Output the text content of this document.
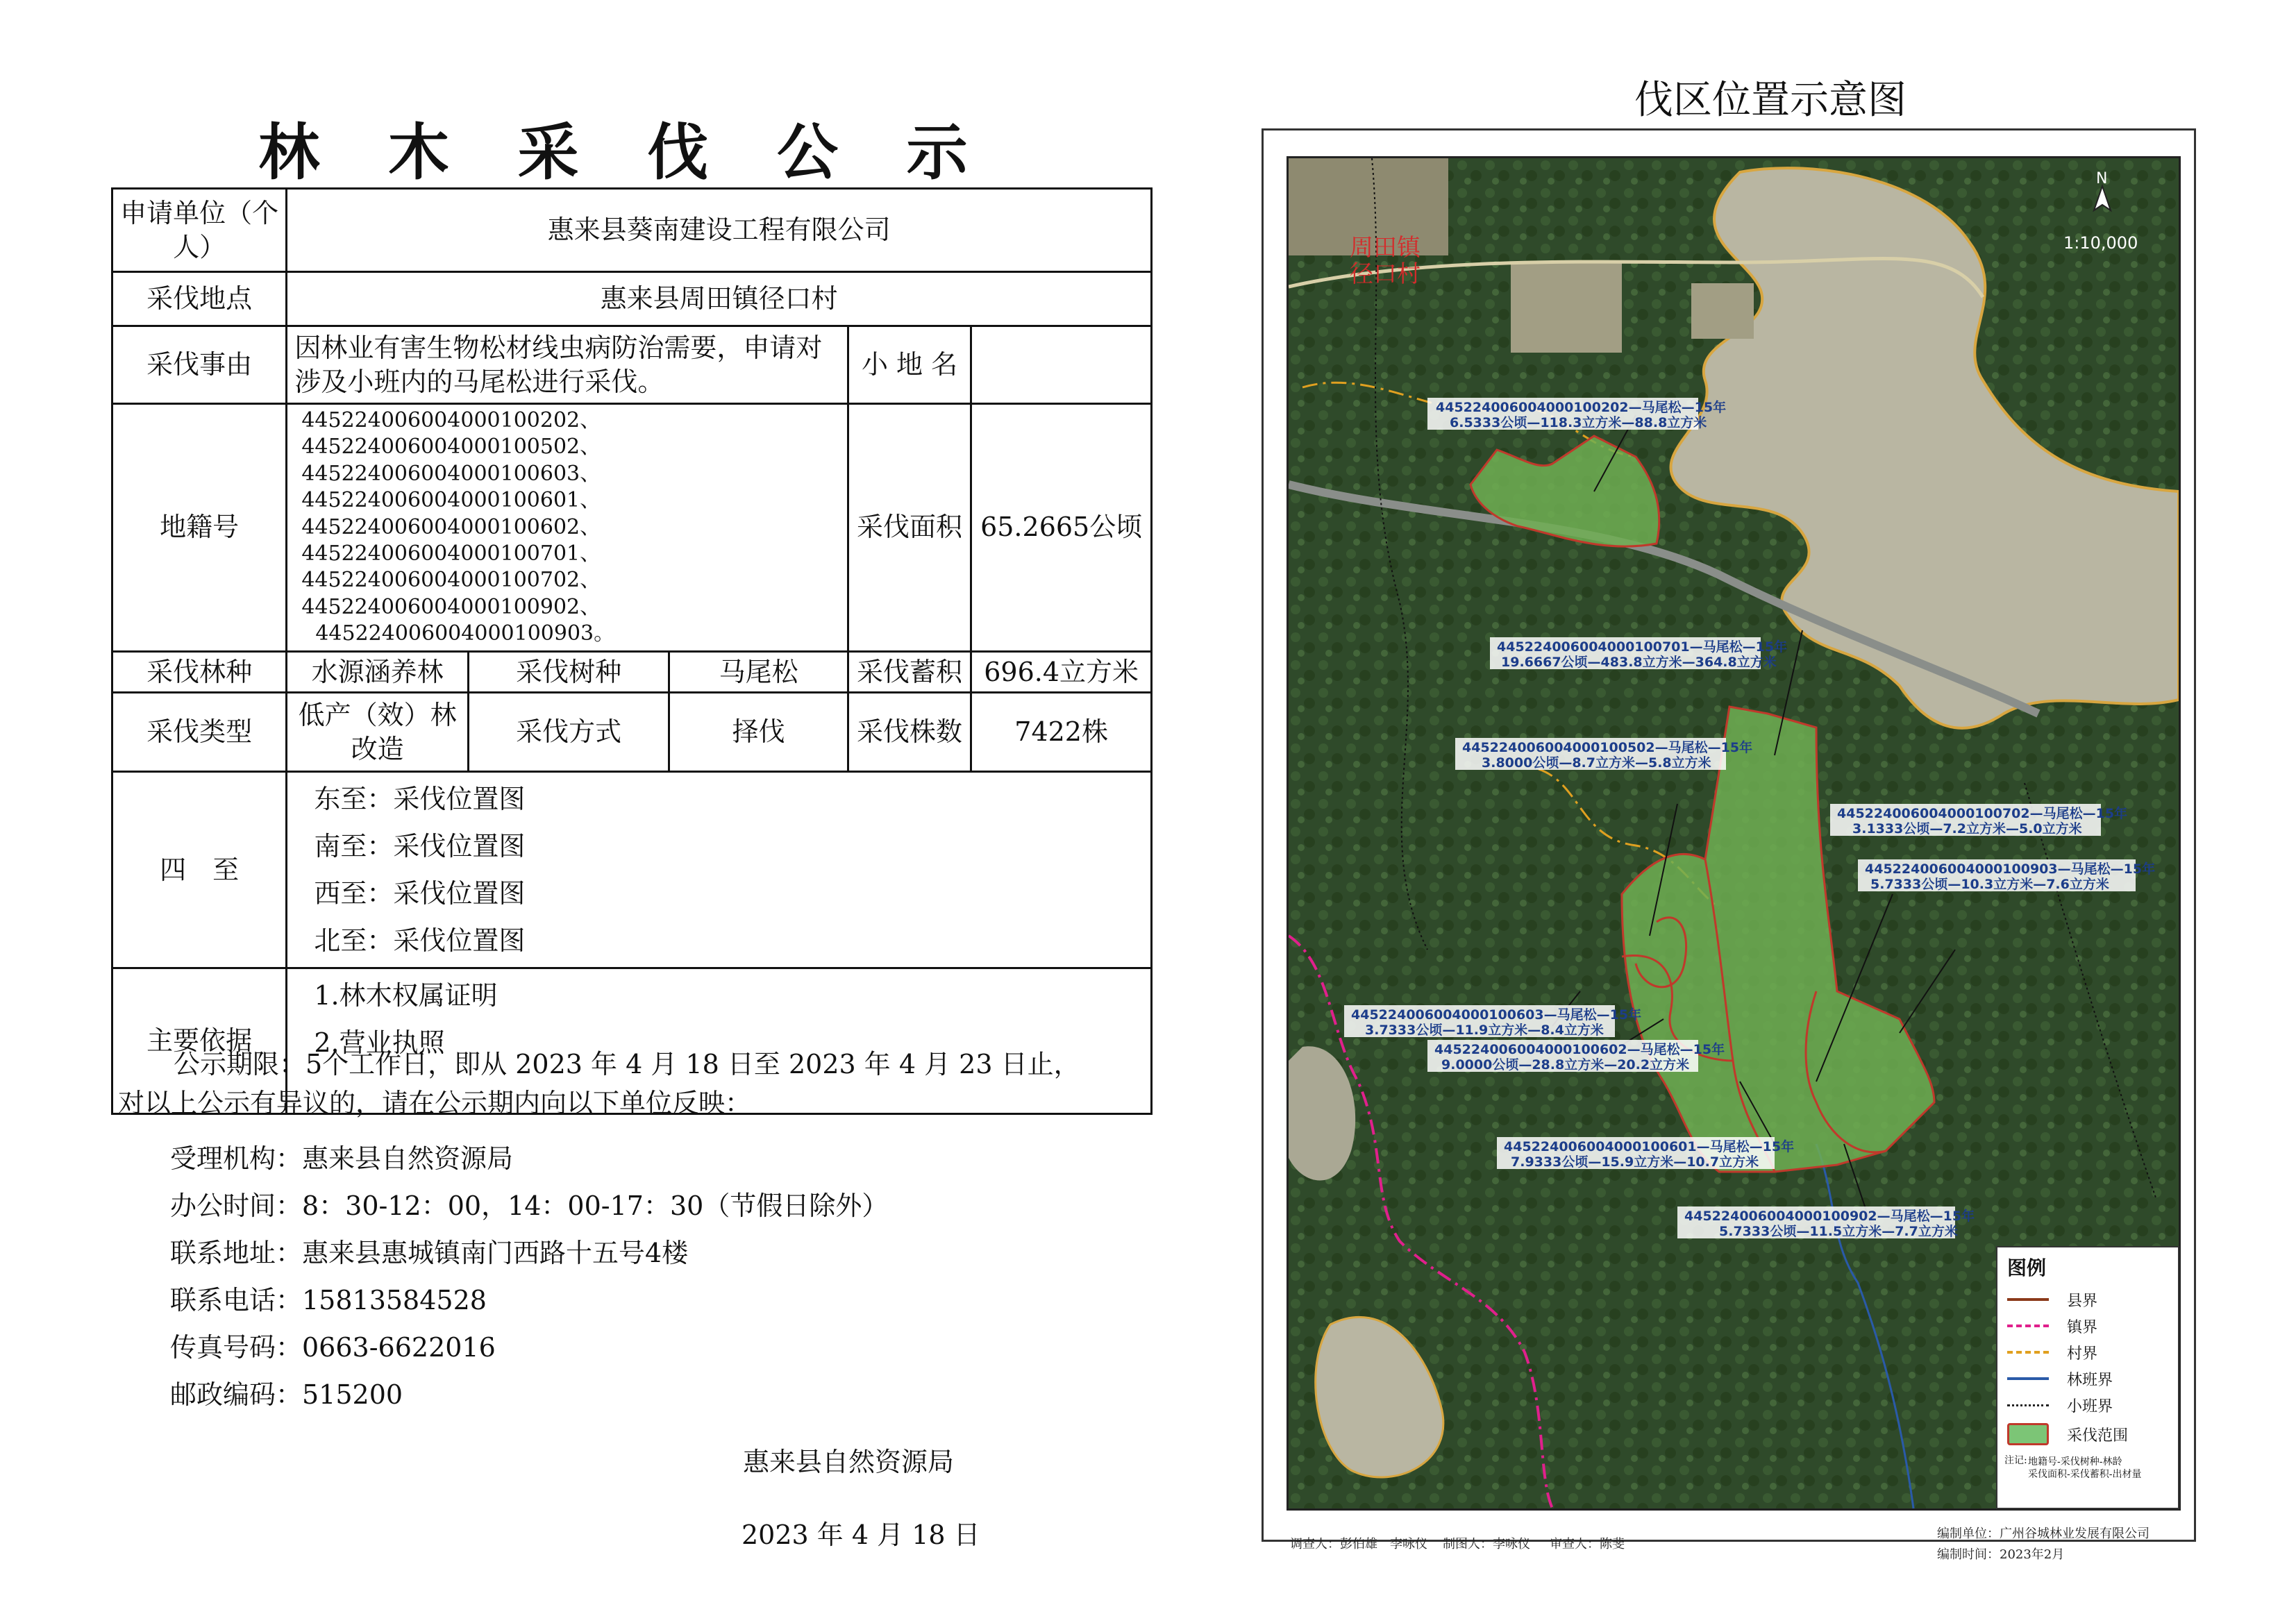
林 木 采 伐 公 示
申请单位（个人）	惠来县葵南建设工程有限公司				
采伐地点	惠来县周田镇径口村				
采伐事由	因林业有害生物松材线虫病防治需要，申请对涉及小班内的马尾松进行采伐。			小 地 名	
地籍号	445224006004000100202、445224006004000100502、
445224006004000100603、445224006004000100601、
445224006004000100602、445224006004000100701、
445224006004000100702、445224006004000100902、
445224006004000100903。			采伐面积	65.2665公顷
采伐林种	水源涵养林	采伐树种	马尾松	采伐蓄积	696.4立方米
采伐类型	低产（效）林改造	采伐方式	择伐	采伐株数	7422株
四　至	东至：采伐位置图
南至：采伐位置图
西至：采伐位置图
北至：采伐位置图				

主要依据	1.林木权属证明
2.营业执照				
公示期限：5个工作日，即从 2023 年 4 月 18 日至 2023 年 4 月 23 日止，
对以上公示有异议的，请在公示期内向以下单位反映：
受理机构：惠来县自然资源局
办公时间：8：30-12：00，14：00-17：30（节假日除外）
联系地址：惠来县惠城镇南门西路十五号4楼
联系电话：15813584528
传真号码：0663-6622016
邮政编码：515200
惠来县自然资源局
2023 年 4 月 18 日
伐区位置示意图
周田镇
径口村
N
1:10,000
445224006004000100202—马尾松—15年
6.5333公顷—118.3立方米—88.8立方米
445224006004000100701—马尾松—15年
19.6667公顷—483.8立方米—364.8立方米
445224006004000100502—马尾松—15年
3.8000公顷—8.7立方米—5.8立方米
445224006004000100702—马尾松—15年
3.1333公顷—7.2立方米—5.0立方米
445224006004000100903—马尾松—15年
5.7333公顷—10.3立方米—7.6立方米
445224006004000100603—马尾松—15年
3.7333公顷—11.9立方米—8.4立方米
445224006004000100602—马尾松—15年
9.0000公顷—28.8立方米—20.2立方米
445224006004000100601—马尾松—15年
7.9333公顷—15.9立方米—10.7立方米
445224006004000100902—马尾松—15年
5.7333公顷—11.5立方米—7.7立方米
图例
县界
镇界
村界
林班界
小班界
采伐范围
注记: 地籍号-采伐树种-林龄
采伐面积-采伐蓄积-出材量
调查人：彭伯雄　李咏仪 制图人：李咏仪 审查人：陈斐
编制单位：广州谷城林业发展有限公司
编制时间：2023年2月
